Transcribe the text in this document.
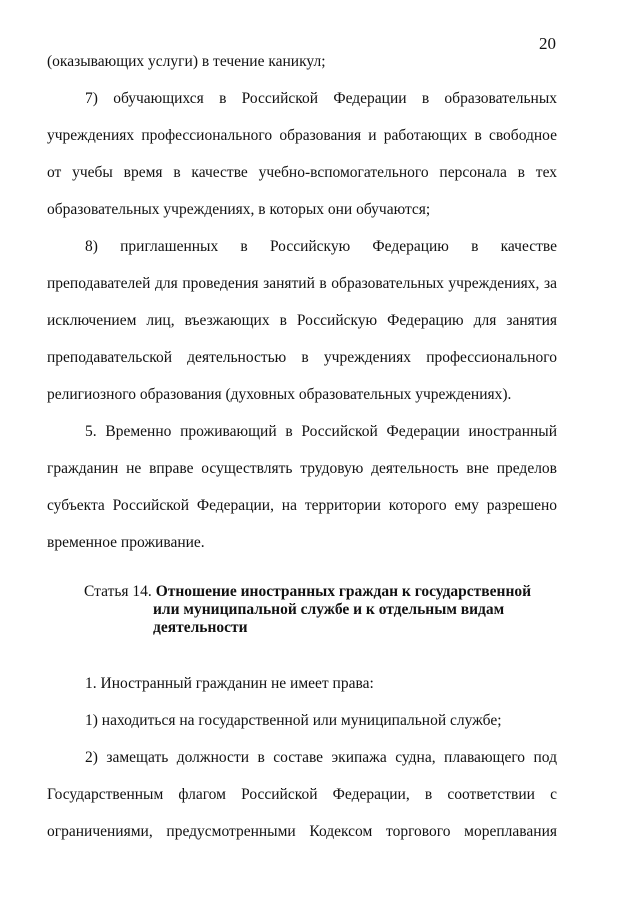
20
(оказывающих услуги) в течение каникул;
7) обучающихся в Российской Федерации в образовательных
учреждениях профессионального образования и работающих в свободное
от учебы время в качестве учебно-вспомогательного персонала в тех
образовательных учреждениях, в которых они обучаются;
8) приглашенных в Российскую Федерацию в качестве
преподавателей для проведения занятий в образовательных учреждениях, за
исключением лиц, въезжающих в Российскую Федерацию для занятия
преподавательской деятельностью в учреждениях профессионального
религиозного образования (духовных образовательных учреждениях).
5. Временно проживающий в Российской Федерации иностранный
гражданин не вправе осуществлять трудовую деятельность вне пределов
субъекта Российской Федерации, на территории которого ему разрешено
временное проживание.
Статья 14. Отношение иностранных граждан к государственной
или муниципальной службе и к отдельным видам
деятельности
1. Иностранный гражданин не имеет права:
1) находиться на государственной или муниципальной службе;
2) замещать должности в составе экипажа судна, плавающего под
Государственным флагом Российской Федерации, в соответствии с
ограничениями, предусмотренными Кодексом торгового мореплавания
